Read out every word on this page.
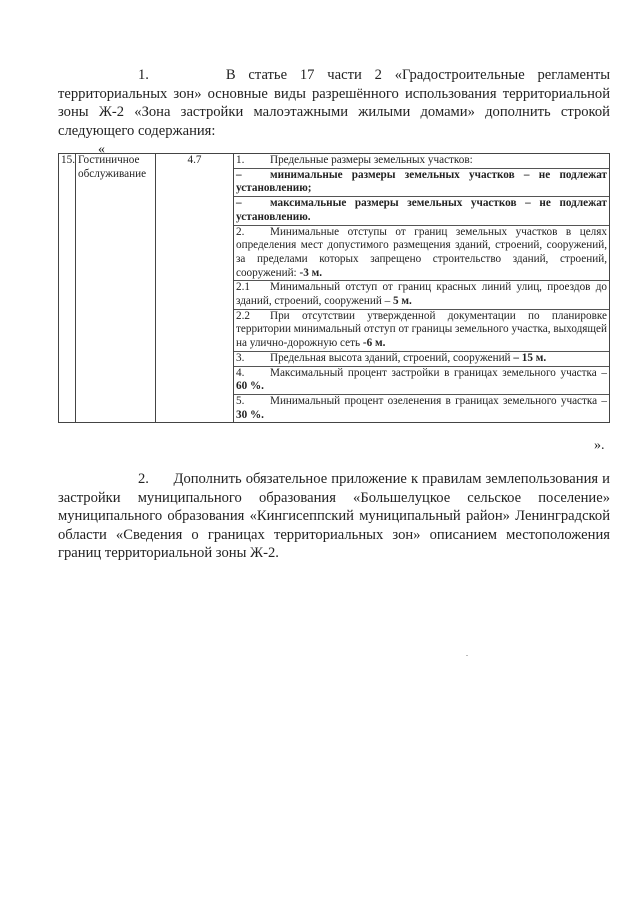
1.	В статье 17 части 2 «Градостроительные регламенты территориальных зон» основные виды разрешённого использования территориальной зоны Ж-2 «Зона застройки малоэтажными жилыми домами» дополнить строкой следующего содержания:
«
15.	Гостиничное обслуживание	4.7	1. Предельные размеры земельных участков:
–	минимальные размеры земельных участков – не подлежат установлению;
–	максимальные размеры земельных участков – не подлежат установлению.
2. Минимальные отступы от границ земельных участков в целях определения мест допустимого размещения зданий, строений, сооружений, за пределами которых запрещено строительство зданий, строений, сооружений: -3 м.
2.1 Минимальный отступ от границ красных линий улиц, проездов до зданий, строений, сооружений – 5 м.
2.2 При отсутствии утвержденной документации по планировке территории минимальный отступ от границы земельного участка, выходящей на улично-дорожную сеть -6 м.
3. Предельная высота зданий, строений, сооружений – 15 м.
4. Максимальный процент застройки в границах земельного участка – 60 %.
5. Минимальный процент озеленения в границах земельного участка – 30 %.
».
2. Дополнить обязательное приложение к правилам землепользования и застройки муниципального образования «Большелуцкое сельское поселение» муниципального образования «Кингисеппский муниципальный район» Ленинградской области «Сведения о границах территориальных зон» описанием местоположения границ территориальной зоны Ж-2.
